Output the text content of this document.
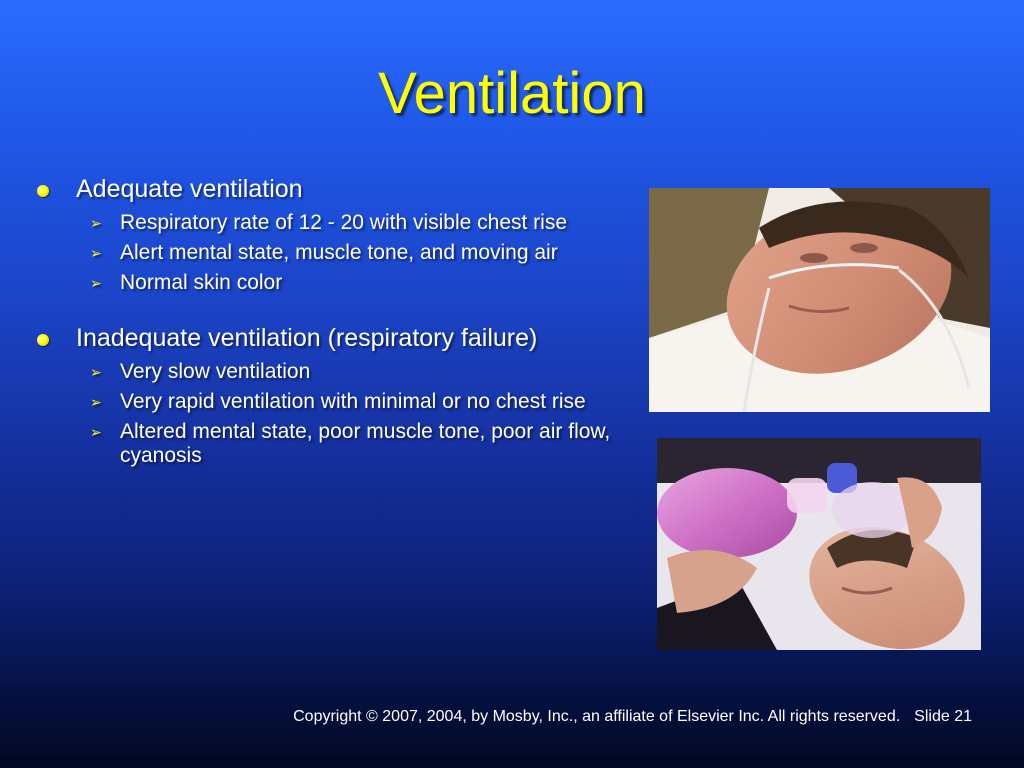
Ventilation
Adequate ventilation
➢ Respiratory rate of 12 - 20 with visible chest rise
➢ Alert mental state, muscle tone, and moving air
➢ Normal skin color
Inadequate ventilation (respiratory failure)
➢ Very slow ventilation
➢ Very rapid ventilation with minimal or no chest rise
➢ Altered mental state, poor muscle tone, poor air flow, cyanosis
Copyright © 2007, 2004, by Mosby, Inc., an affiliate of Elsevier Inc. All rights reserved. Slide 21
